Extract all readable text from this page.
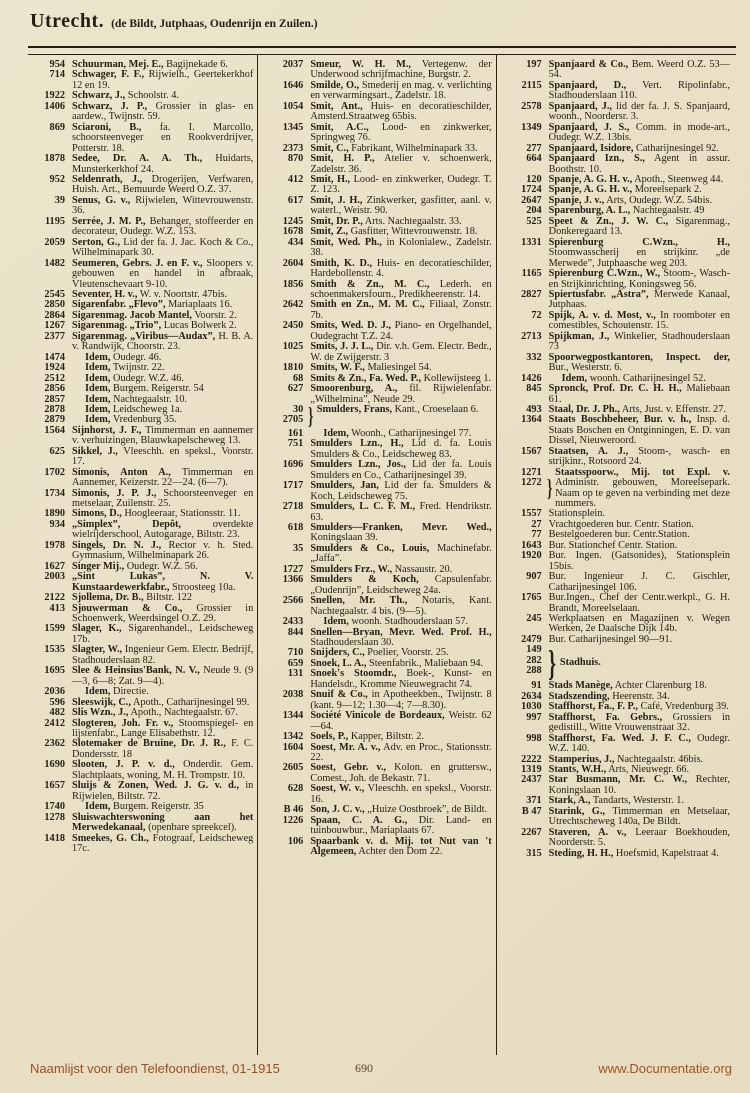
Utrecht. (de Bildt, Jutphaas, Oudenrijn en Zuilen.)
954 Schuurman, Mej. E., Bagijnekade 6.
714 Schwager, F. F., Rijwielh., Geertekerkhof 12 en 19.
1922 Schwarz, J., Schoolstr. 4.
1406 Schwarz, J. P., Grossier in glas- en aardew., Twijnstr. 59.
869 Sciaroni, B., fa. I. Marcollo, schoorsteenveger en Rookverdrijver, Potterstr. 18.
1878 Sedee, Dr. A. A. Th., Huidarts, Munsterkerkhof 24.
952 Seldenrath, J., Drogerijen, Verfwaren, Huish. Art., Bemuurde Weerd O.Z. 37.
39 Senus, G. v., Rijwielen, Wittevrouwenstr. 36.
1195 Serrée, J. M. P., Behanger, stoffeerder en decorateur, Oudegr. W.Z. 153.
2059 Serton, G., Lid der fa. J. Jac. Koch & Co., Wilhelminapark 30.
1482 Seumeren, Gebrs. J. en F. v., Sloopers v. gebouwen en handel in afbraak, Vleutenschevaart 9-10.
2545 Seventer, H. v., W. v. Noortstr. 47bis.
2850 Sigarenfabr. „Flevo”, Mariaplaats 16.
2864 Sigarenmag. Jacob Mantel, Voorstr. 2.
1267 Sigarenmag. „Trio”, Lucas Bolwerk 2.
2377 Sigarenmag. „Viribus—Audax”, H. B. A. v. Randwijk, Choorstr. 23.
1474	Idem, Oudegr. 46.
1924	Idem, Twijnstr. 22.
2512	Idem, Oudegr. W.Z. 46.
2856	Idem, Burgem. Reigerstr. 54
2857	Idem, Nachtegaalstr. 10.
2878	Idem, Leidscheweg 1a.
2879	Idem, Vredenburg 35.
1564 Sijnhorst, J. F., Timmerman en aannemer v. verhuizingen, Blauwkapelscheweg 13.
625 Sikkel, J., Vleeschh. en speksl., Voorstr. 17.
1702 Simonis, Anton A., Timmerman en Aannemer, Keizerstr. 22—24. (6—7).
1734 Simonis, J. P. J., Schoorsteenveger en metselaar, Zuilenstr. 25.
1890 Simons, D., Hoogleeraar, Stationsstr. 11.
934 „Simplex”, Depôt,	overdekte wielrijderschool, Autogarage, Biltstr. 23.
1978 Singels, Dr. N. J., Rector v. h. Sted. Gymnasium, Wilhelminapark 26.
1627 Singer Mij., Oudegr. W.Z. 56.
2003 „Sint Lukas”, N. V. Kunstaardewerkfabr., Stroosteeg 10a.
2122 Sjollema, Dr. B., Biltstr. 122
413 Sjouwerman & Co., Grossier in Schoenwerk, Weerdsingel O.Z. 29.
1599 Slager, K., Sigarenhandel., Leidscheweg 17b.
1535 Slagter, W., Ingenieur Gem. Electr. Bedrijf, Stadhouderslaan 82.
1695 Slee & Heinsius'Bank, N. V., Neude 9. (9—3, 6—8; Zat. 9—4).
2036	Idem, Directie.
596 Sleeswijk, C., Apoth., Catharijnesingel 99.
482 Slis Wzn., J., Apoth., Nachtegaalstr. 67.
2412 Slogteren, Joh. Fr. v., Stoomspiegel- en lijstenfabr., Lange Elisabethstr. 12.
2362 Slotemaker de Bruine, Dr. J. R., F. C. Dondersstr. 18
1690 Slooten, J. P. v. d., Onderdir. Gem. Slachtplaats, woning, M. H. Trompstr. 10.
1657 Sluijs & Zonen, Wed. J. G. v. d., in Rijwielen, Biltstr. 72.
1740	Idem, Burgem. Reigerstr. 35
1278 Sluiswachterswoning aan het Merwedekanaal, (openbare spreekcel).
1418 Smeekes, G. Ch., Fotograaf, Leidscheweg 17c.
2037 Smeur, W. H. M., Vertegenw. der Underwood schrijfmachine, Burgstr. 2.
1646 Smilde, O., Smederij en mag. v. verlichting en verwarmingsart., Zadelstr. 18.
1054 Smit, Ant., Huis- en decoratieschilder, Amsterd.Straatweg 65bis.
1345 Smit, A.C., Lood- en zinkwerker, Springweg 76.
2373 Smit, C., Fabrikant, Wilhelminapark 33.
870 Smit, H. P., Atelier v. schoenwerk, Zadelstr. 36.
412 Smit, H., Lood- en zinkwerker, Oudegr. T. Z. 123.
617 Smit, J. H., Zinkwerker, gasfitter, aanl. v. waterl., Weistr. 90.
1245 Smit, Dr. P., Arts. Nachtegaalstr. 33.
1678 Smit, Z., Gasfitter, Wittevrouwenstr. 18.
434 Smit, Wed. Ph., in Kolonialew., Zadelstr. 38.
2604 Smith, K. D., Huis- en decoratieschilder, Hardebollenstr. 4.
1856 Smith & Zn., M. C., Lederh. en schoenmakersfourn., Predikheerenstr. 14.
2642 Smith en Zn., M. M. C., Filiaal, Zonstr. 7b.
2450 Smits, Wed. D. J., Piano- en Orgelhandel, Oudegracht T.Z. 24.
1025 Smits, J. J. L., Dir. v.h. Gem. Electr. Bedr., W. de Zwijgerstr. 3
1810 Smits, W. F., Maliesingel 54.
68 Smits & Zn., Fa. Wed. P., Kollewijsteeg 1.
627 Smoorenburg, A., fil. Rijwielenfabr. „Wilhelmina”, Neude 29.
30
2705 } Smulders, Frans, Kant., Croeselaan 6.
161	Idem, Woonh., Catharijnesingel 77.
751 Smulders Lzn., H., Lid d. fa. Louis Smulders & Co., Leidscheweg 83.
1696 Smulders Lzn., Jos., Lid der fa. Louis Smulders en Co., Catharijnesingel 39.
1717 Smulders, Jan, Lid der fa. Smulders & Koch, Leidscheweg 75.
2718 Smulders, L. C. F. M., Fred. Hendrikstr. 63.
618 Smulders—Franken, Mevr. Wed., Koningslaan 39.
35 Smulders & Co., Louis, Machinefabr. „Jaffa”.
1727 Smulders Frz., W., Nassaustr. 20.
1366 Smulders & Koch, Capsulenfabr. „Oudenrijn”, Leidscheweg 24a.
2566 Snellen, Mr. Th., Notaris, Kant. Nachtegaalstr. 4 bis. (9—5).
2433	Idem, woonh. Stadhouderslaan 57.
844 Snellen—Bryan, Mevr. Wed. Prof. H., Stadhouderslaan 30.
710 Snijders, C., Poelier, Voorstr. 25.
659 Snoek, L. A., Steenfabrik., Maliebaan 94.
131 Snoek's Stoomdr., Boek-, Kunst- en Handelsdr., Kromme Nieuwegracht 74.
2038 Snuif & Co., in Apotheekben., Twijnstr. 8 (kant. 9—12; 1.30—4; 7—8.30).
1344 Société Vinicole de Bordeaux, Weistr. 62—64.
1342 Soels, P., Kapper, Biltstr. 2.
1604 Soest, Mr. A. v., Adv. en Proc., Stationsstr. 22.
2605 Soest, Gebr. v., Kolon. en gruttersw., Comest., Joh. de Bekastr. 71.
628 Soest, W. v., Vleeschh. en speksl., Voorstr. 16.
B 46 Son, J. C. v., „Huize Oostbroek”, de Bildt.
1226 Spaan, C. A. G., Dir. Land- en tuinbouwbur., Mariaplaats 67.
106 Spaarbank v. d. Mij. tot Nut van 't Algemeen, Achter den Dom 22.
197 Spanjaard & Co., Bem. Weerd O.Z. 53—54.
2115 Spanjaard, D., Vert. Ripolinfabr., Stadhouderslaan 110.
2578 Spanjaard, J., lid der fa. J. S. Spanjaard, woonh., Noordersr. 3.
1349 Spanjaard, J. S., Comm. in mode-art., Oudegr. W.Z. 13bis.
277 Spanjaard, Isidore, Catharijnesingel 92.
664 Spanjaard Izn., S., Agent in assur. Boothstr. 10.
120 Spanje, A. G. H. v., Apoth., Steenweg 44.
1724 Spanje, A. G. H. v., Moreelsepark 2.
2647 Spanje, J. v., Arts, Oudegr. W.Z. 54bis.
204 Sparenburg, A. L., Nachtegaalstr. 49
525 Speet & Zn., J. W. C., Sigarenmag., Donkeregaard 13.
1331 Spierenburg C.Wzn., H., Stoomwasscherij en strijkinr. „de Merwede”, Jutphaasche weg 203.
1165 Spierenburg C.Wzn., W., Stoom-, Wasch- en Strijkinrichting, Koningsweg 56.
2827 Spiertusfabr. „Astra”, Merwede Kanaal, Jutphaas.
72 Spijk, A. v. d. Most, v., In roomboter en comestibles, Schoutenstr. 15.
2713 Spijkman, J., Winkelier, Stadhouderslaan 73
332 Spoorwegpostkantoren, Inspect. der, Bur., Westerstr. 6.
1426	Idem, woonh. Catharijnesingel 52.
845 Spronck, Prof. Dr. C. H. H., Maliebaan 61.
493 Staal, Dr. J. Ph., Arts, Just. v. Effenstr. 27.
1364 Staats Boschbeheer, Bur. v. h., Insp. d. Staats Boschen en Ontginningen, E. D. van Dissel, Nieuweroord.
1567 Staatsen, A. J., Stoom-, wasch- en strijkinr., Rotsoord 24.
1271
1272 }
Staatsspoorw., Mij. tot Expl. v. Administr. gebouwen, Moreelsepark. Naam op te geven na verbinding met deze nummers.
1557 Stationsplein.
27 Vrachtgoederen bur. Centr. Station.
77 Bestelgoederen bur. Centr.Station.
1643 Bur. Stationchef Centr. Station.
1920 Bur. Ingen. (Gatsonides), Stationsplein 15bis.
907 Bur. Ingenieur J. C. Gischler, Catharijnesingel 106.
1765 Bur.Ingen., Chef der Centr.werkpl., G. H. Brandt, Moreelselaan.
245 Werkplaatsen en Magazijnen v. Wegen Werken, 2e Daalsche Dijk 14b.
2479 Bur. Catharijnesingel 90—91.
149
282
288 } Stadhuis.
91 Stads Manège, Achter Clarenburg 18.
2634 Stadszending, Heerenstr. 34.
1030 Staffhorst, Fa., F. P., Café, Vredenburg 39.
997 Staffhorst, Fa. Gebrs., Grossiers in gedistill., Witte Vrouwenstraat 32.
998 Staffhorst, Fa. Wed. J. F. C., Oudegr. W.Z. 140.
2222 Stamperius, J., Nachtegaalstr. 46bis.
1319 Stants, W.H., Arts, Nieuwegr. 66.
2437 Star Busmann, Mr. C. W., Rechter, Koningslaan 10.
371 Stark, A., Tandarts, Westerstr. 1.
B 47 Starink, G., Timmerman en Metselaar, Utrechtscheweg 140a, De Bildt.
2267 Staveren, A. v., Leeraar Boekhouden, Noorderstr. 5.
315 Steding, H. H., Hoefsmid, Kapelstraat 4.
Naamlijst voor den Telefoondienst, 01-1915	690	www.Documentatie.org
